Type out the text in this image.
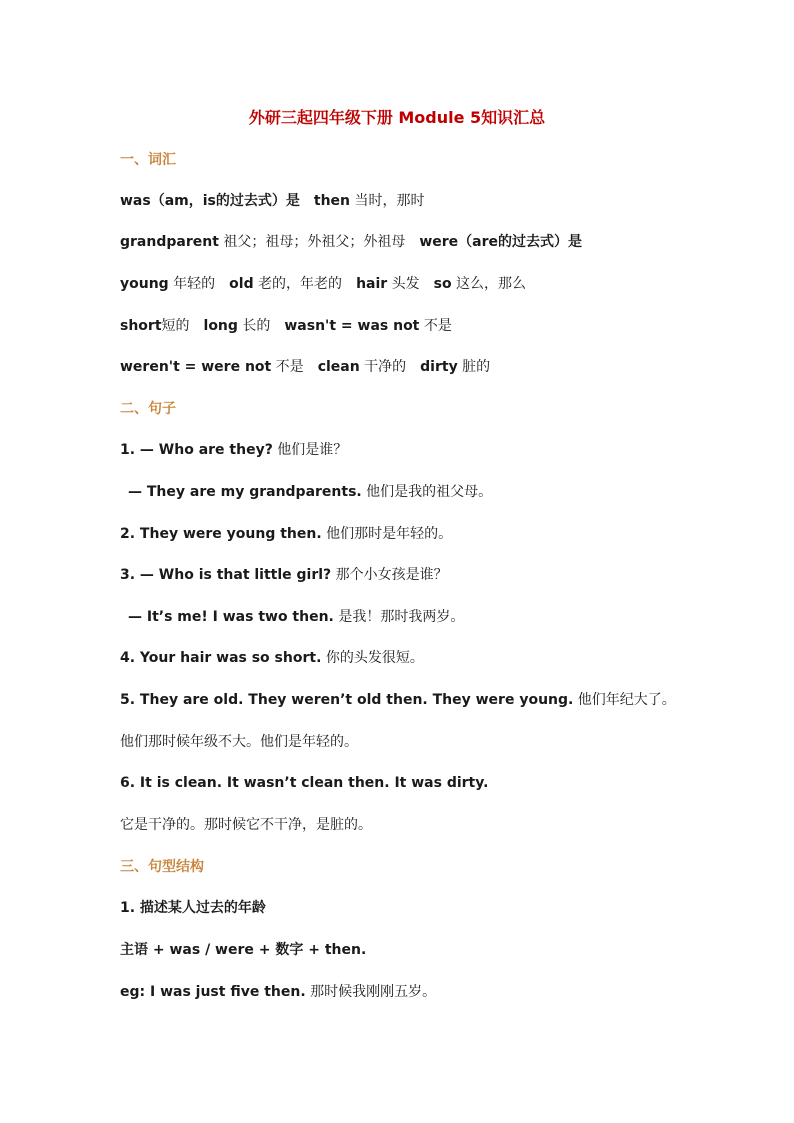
外研三起四年级下册 Module 5知识汇总

一、词汇

was（am，is的过去式）是 then 当时，那时

grandparent 祖父；祖母；外祖父；外祖母 were（are的过去式）是

young 年轻的 old 老的，年老的 hair 头发 so 这么，那么

short短的 long 长的 wasn't = was not 不是

weren't = were not 不是 clean 干净的 dirty 脏的

二、句子

1. — Who are they? 他们是谁？

— They are my grandparents. 他们是我的祖父母。

2. They were young then. 他们那时是年轻的。

3. — Who is that little girl? 那个小女孩是谁？

— It’s me! I was two then. 是我！那时我两岁。

4. Your hair was so short. 你的头发很短。

5. They are old. They weren’t old then. They were young. 他们年纪大了。

他们那时候年级不大。他们是年轻的。

6. It is clean. It wasn’t clean then. It was dirty.

它是干净的。那时候它不干净，是脏的。

三、句型结构

1. 描述某人过去的年龄

主语 + was / were + 数字 + then.

eg: I was just five then. 那时候我刚刚五岁。
